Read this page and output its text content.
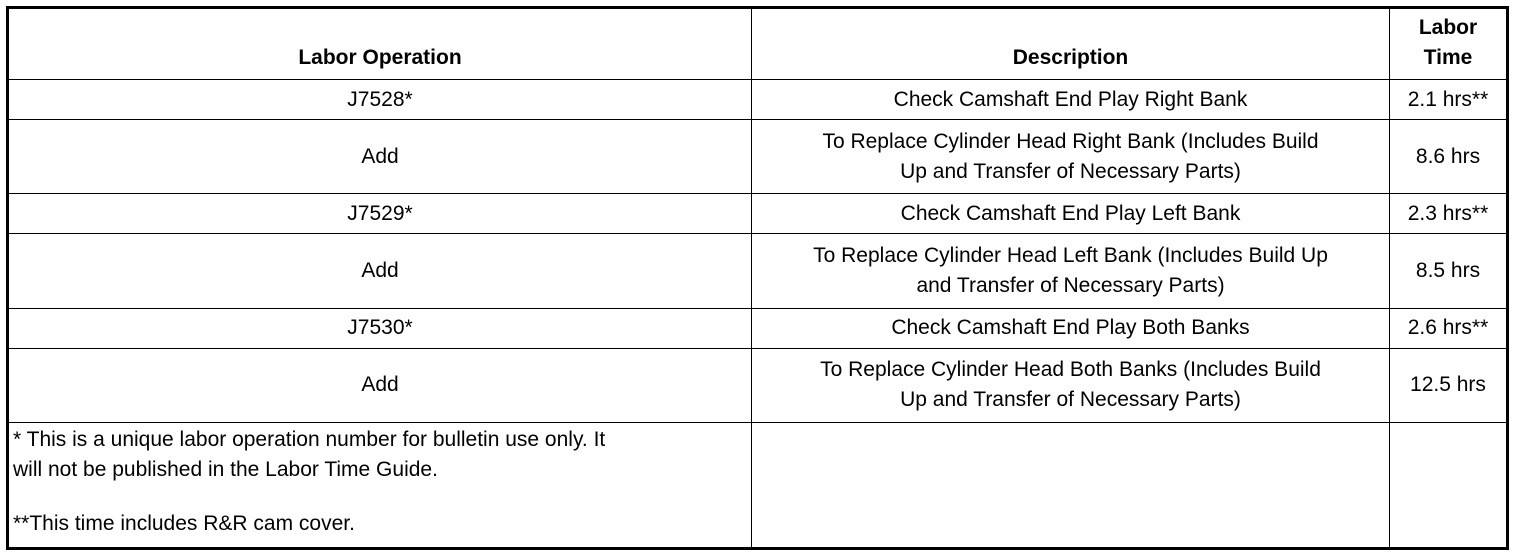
Labor Operation	Description	Labor
Time

J7528*	Check Camshaft End Play Right Bank	2.1 hrs**
Add	To Replace Cylinder Head Right Bank (Includes Build
Up and Transfer of Necessary Parts)	8.6 hrs
J7529*	Check Camshaft End Play Left Bank	2.3 hrs**
Add	To Replace Cylinder Head Left Bank (Includes Build Up
and Transfer of Necessary Parts)	8.5 hrs
J7530*	Check Camshaft End Play Both Banks	2.6 hrs**
Add	To Replace Cylinder Head Both Banks (Includes Build
Up and Transfer of Necessary Parts)	12.5 hrs

* This is a unique labor operation number for bulletin use only. It
will not be published in the Labor Time Guide.
**This time includes R&R cam cover.		
